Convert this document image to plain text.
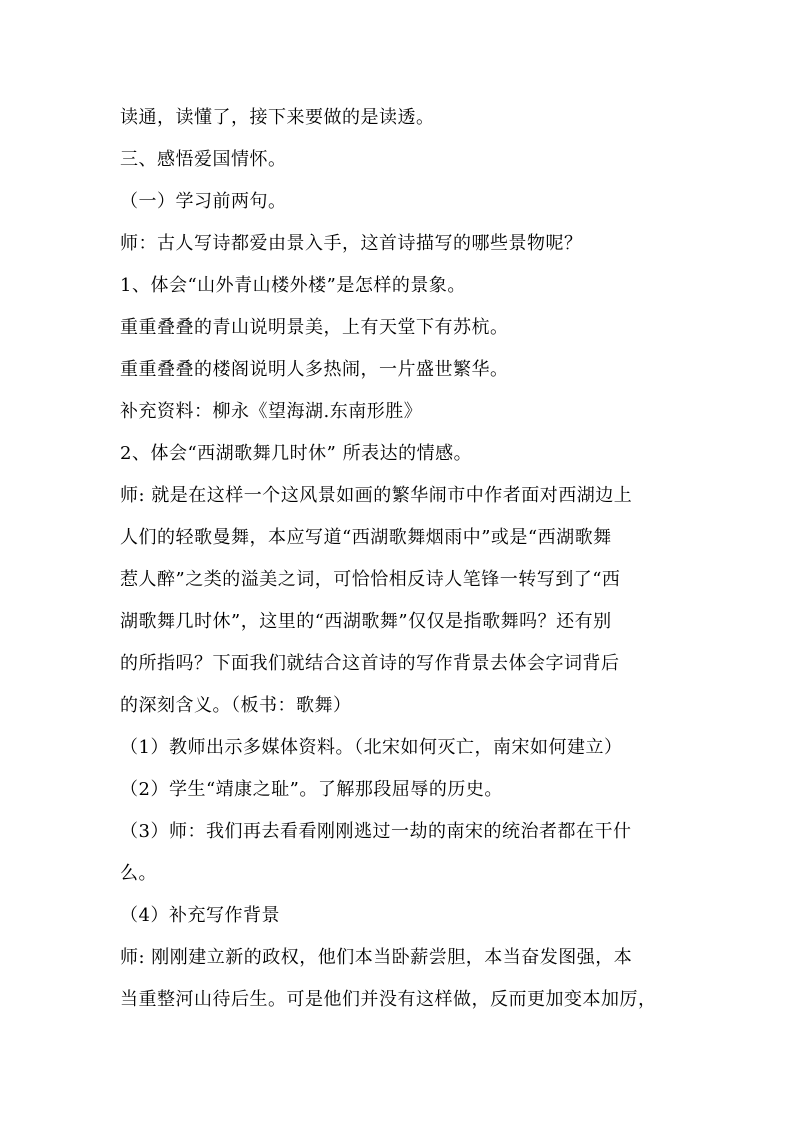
读通，读懂了，接下来要做的是读透。
三、感悟爱国情怀。
（一）学习前两句。
师：古人写诗都爱由景入手，这首诗描写的哪些景物呢？
1、体会“山外青山楼外楼”是怎样的景象。
重重叠叠的青山说明景美，上有天堂下有苏杭。
重重叠叠的楼阁说明人多热闹，一片盛世繁华。
补充资料：柳永《望海湖.东南形胜》
2、体会“西湖歌舞几时休” 所表达的情感。
师: 就是在这样一个这风景如画的繁华闹市中作者面对西湖边上
人们的轻歌曼舞，本应写道“西湖歌舞烟雨中”或是“西湖歌舞
惹人醉”之类的溢美之词，可恰恰相反诗人笔锋一转写到了“西
湖歌舞几时休”，这里的“西湖歌舞”仅仅是指歌舞吗？还有别
的所指吗？下面我们就结合这首诗的写作背景去体会字词背后
的深刻含义。（板书：歌舞）
（1）教师出示多媒体资料。（北宋如何灭亡，南宋如何建立）
（2）学生“靖康之耻”。了解那段屈辱的历史。
（3）师：我们再去看看刚刚逃过一劫的南宋的统治者都在干什
么。
（4）补充写作背景
师: 刚刚建立新的政权，他们本当卧薪尝胆，本当奋发图强，本
当重整河山待后生。可是他们并没有这样做，反而更加变本加厉，
